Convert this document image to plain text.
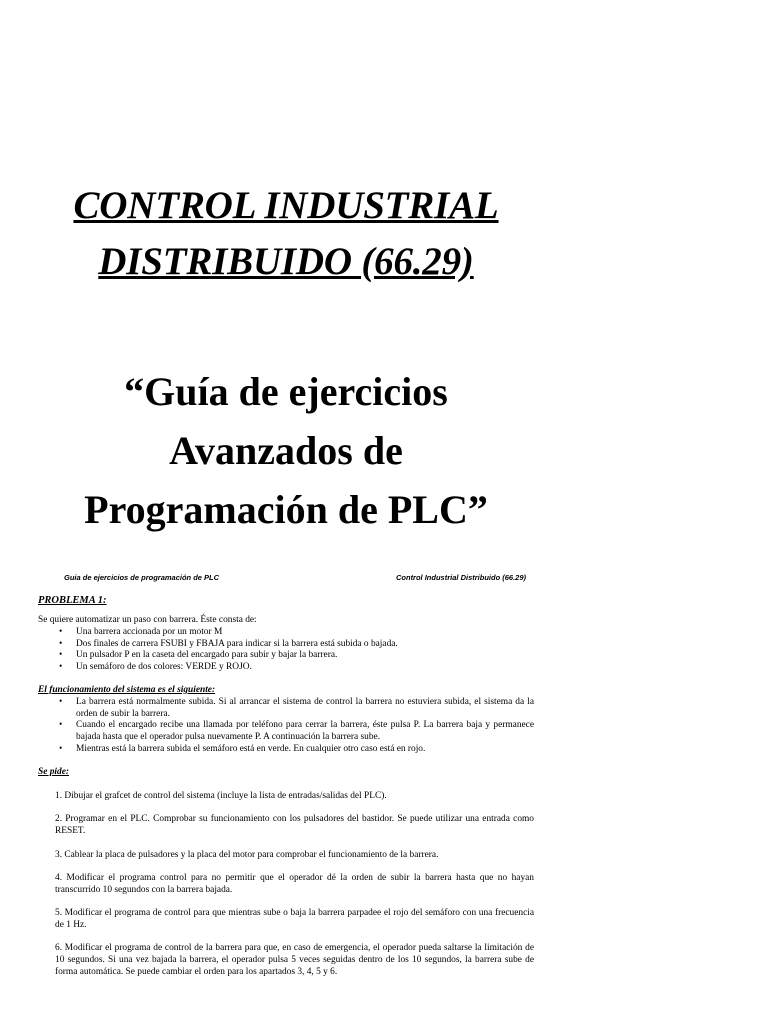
CONTROL INDUSTRIAL
DISTRIBUIDO (66.29)
“Guía de ejercicios
Avanzados de
Programación de PLC”
Guia de ejercicios de programación de PLC	Control Industrial Distribuido (66.29)
PROBLEMA 1:

Se quiere automatizar un paso con barrera. Éste consta de:

• Una barrera accionada por un motor M
• Dos finales de carrera FSUBI y FBAJA para indicar si la barrera está subida o bajada.
• Un pulsador P en la caseta del encargado para subir y bajar la barrera.
• Un semáforo de dos colores: VERDE y ROJO.
El funcionamiento del sistema es el siguiente:
• La barrera está normalmente subida. Si al arrancar el sistema de control la barrera no estuviera subida, el sistema da la orden de subir la barrera.
• Cuando el encargado recibe una llamada por teléfono para cerrar la barrera, éste pulsa P. La barrera baja y permanece bajada hasta que el operador pulsa nuevamente P. A continuación la barrera sube.
• Mientras está la barrera subida el semáforo está en verde. En cualquier otro caso está en rojo.
Se pide:
1. Dibujar el grafcet de control del sistema (incluye la lista de entradas/salidas del PLC).
2. Programar en el PLC. Comprobar su funcionamiento con los pulsadores del bastidor. Se puede utilizar una entrada como RESET.
3. Cablear la placa de pulsadores y la placa del motor para comprobar el funcionamiento de la barrera.
4. Modificar el programa control para no permitir que el operador dé la orden de subir la barrera hasta que no hayan transcurrido 10 segundos con la barrera bajada.
5. Modificar el programa de control para que mientras sube o baja la barrera parpadee el rojo del semáforo con una frecuencia de 1 Hz.
6. Modificar el programa de control de la barrera para que, en caso de emergencia, el operador pueda saltarse la limitación de 10 segundos. Si una vez bajada la barrera, el operador pulsa 5 veces seguidas dentro de los 10 segundos, la barrera sube de forma automática. Se puede cambiar el orden para los apartados 3, 4, 5 y 6.
